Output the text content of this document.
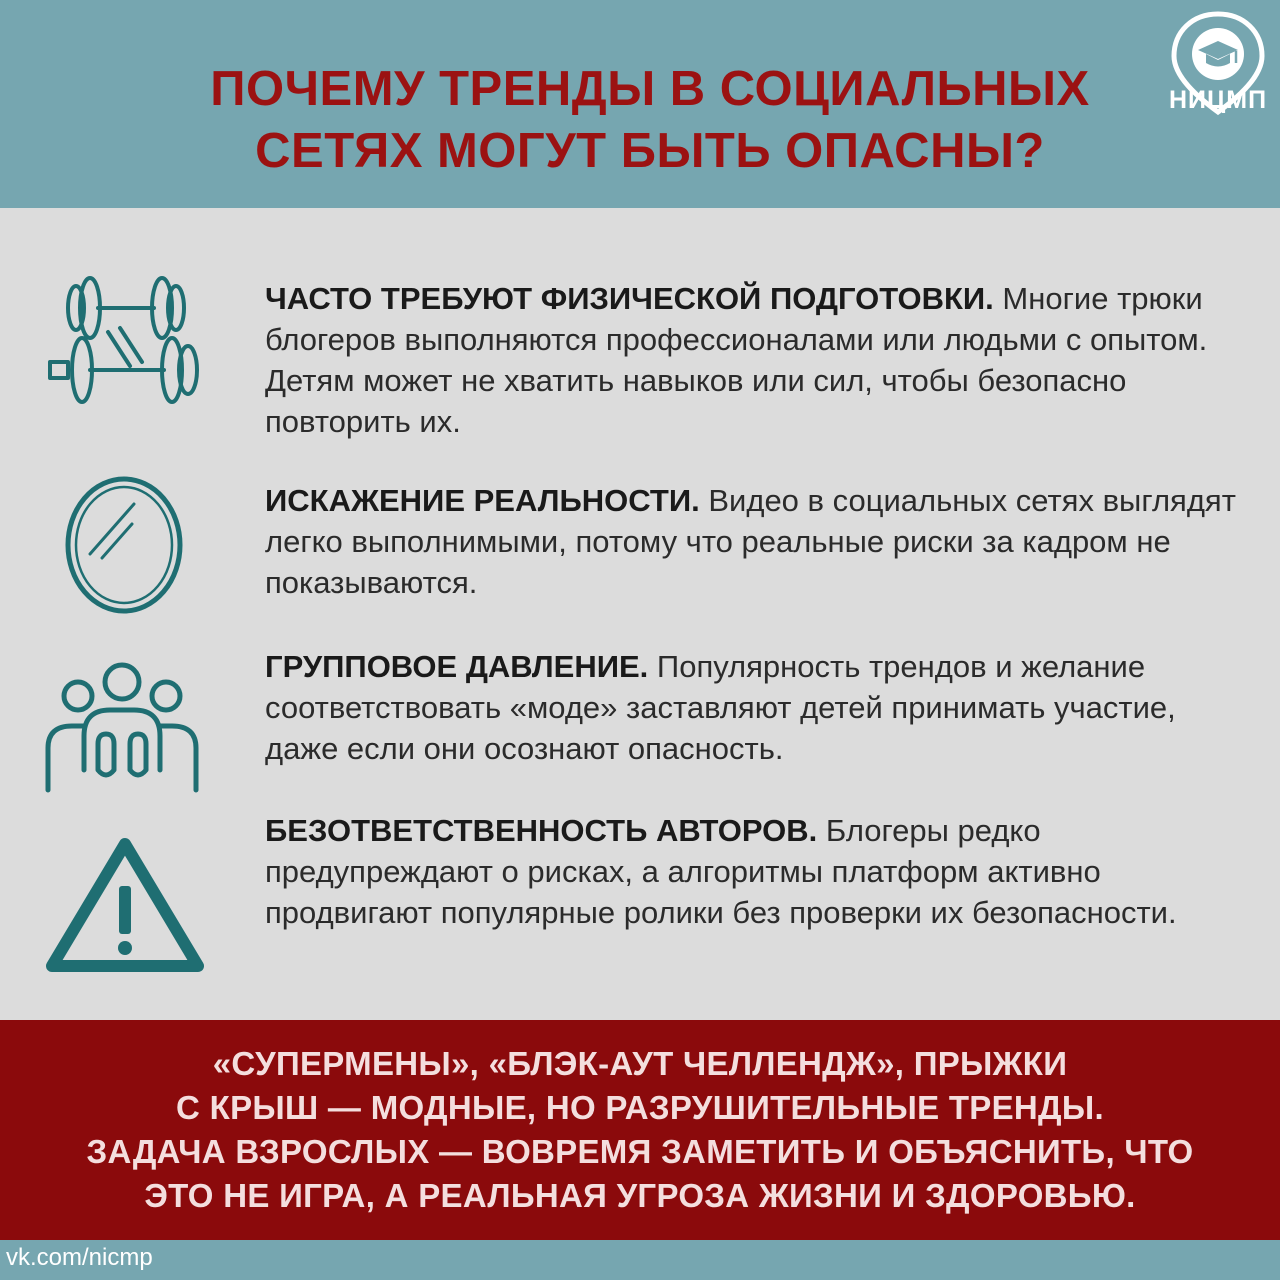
ПОЧЕМУ ТРЕНДЫ В СОЦИАЛЬНЫХ
СЕТЯХ МОГУТ БЫТЬ ОПАСНЫ?
НИЦМП
ЧАСТО ТРЕБУЮТ ФИЗИЧЕСКОЙ ПОДГОТОВКИ. Многие трюки блогеров выполняются профессионалами или людьми с опытом. Детям может не хватить навыков или сил, чтобы безопасно повторить их.
ИСКАЖЕНИЕ РЕАЛЬНОСТИ. Видео в социальных сетях выглядят легко выполнимыми, потому что реальные риски за кадром не показываются.
ГРУППОВОЕ ДАВЛЕНИЕ. Популярность трендов и желание соответствовать «моде» заставляют детей принимать участие, даже если они осознают опасность.
БЕЗОТВЕТСТВЕННОСТЬ АВТОРОВ. Блогеры редко предупреждают о рисках, а алгоритмы платформ активно продвигают популярные ролики без проверки их безопасности.
«СУПЕРМЕНЫ», «БЛЭК-АУТ ЧЕЛЛЕНДЖ», ПРЫЖКИ
С КРЫШ — МОДНЫЕ, НО РАЗРУШИТЕЛЬНЫЕ ТРЕНДЫ.
ЗАДАЧА ВЗРОСЛЫХ — ВОВРЕМЯ ЗАМЕТИТЬ И ОБЪЯСНИТЬ, ЧТО
ЭТО НЕ ИГРА, А РЕАЛЬНАЯ УГРОЗА ЖИЗНИ И ЗДОРОВЬЮ.
vk.com/nicmp
